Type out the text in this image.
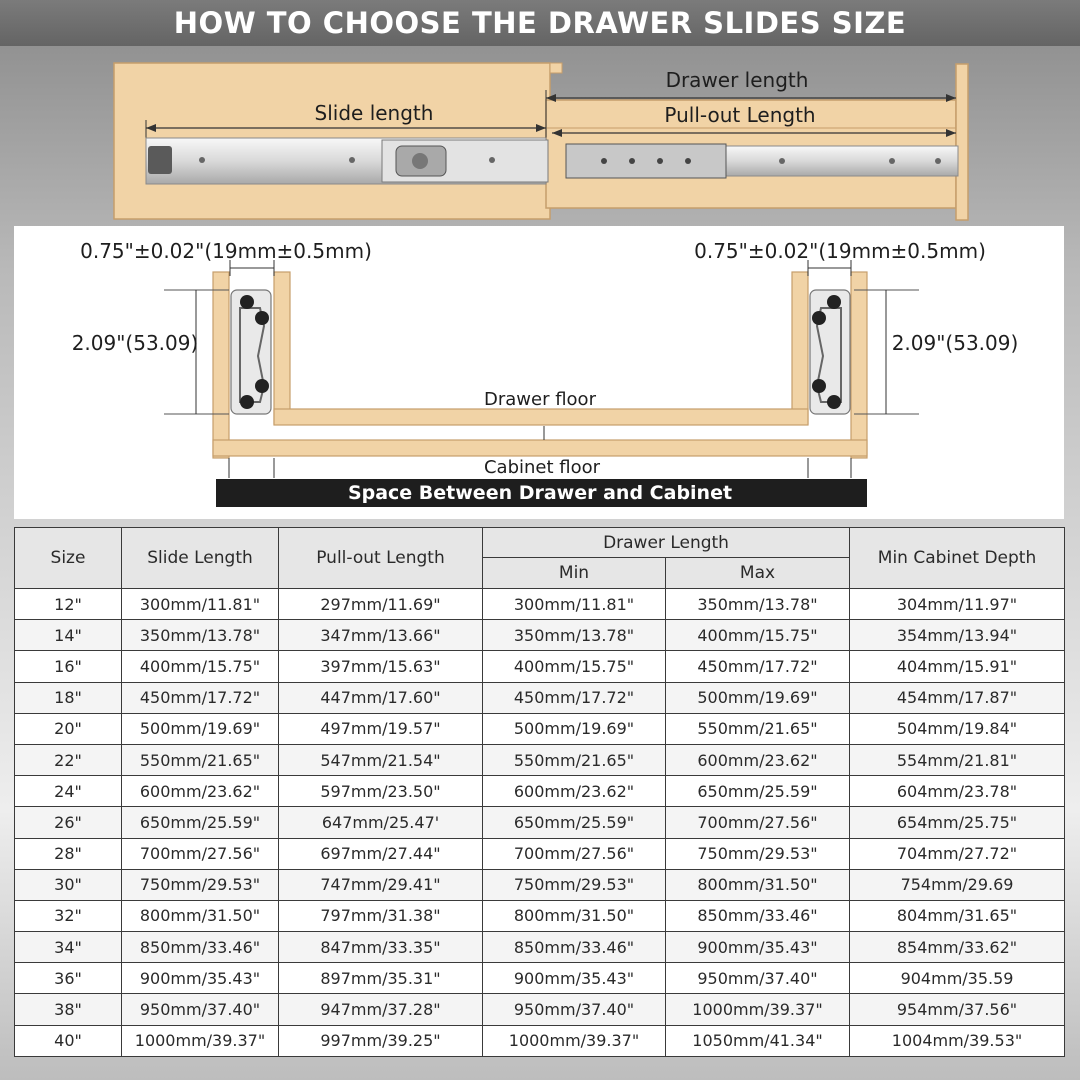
HOW TO CHOOSE THE DRAWER SLIDES SIZE
Drawer length
Slide length	Pull-out Length
0.75"±0.02"(19mm±0.5mm)	0.75"±0.02"(19mm±0.5mm)
2.09"(53.09)	2.09"(53.09)
Drawer floor
Cabinet floor
Space Between Drawer and Cabinet
Size	Slide Length	Pull-out Length	Drawer Length		Min Cabinet Depth
			Min	Max	
12"	300mm/11.81"	297mm/11.69"	300mm/11.81"	350mm/13.78"	304mm/11.97"
14"	350mm/13.78"	347mm/13.66"	350mm/13.78"	400mm/15.75"	354mm/13.94"
16"	400mm/15.75"	397mm/15.63"	400mm/15.75"	450mm/17.72"	404mm/15.91"
18"	450mm/17.72"	447mm/17.60"	450mm/17.72"	500mm/19.69"	454mm/17.87"
20"	500mm/19.69"	497mm/19.57"	500mm/19.69"	550mm/21.65"	504mm/19.84"
22"	550mm/21.65"	547mm/21.54"	550mm/21.65"	600mm/23.62"	554mm/21.81"
24"	600mm/23.62"	597mm/23.50"	600mm/23.62"	650mm/25.59"	604mm/23.78"
26"	650mm/25.59"	647mm/25.47'	650mm/25.59"	700mm/27.56"	654mm/25.75"
28"	700mm/27.56"	697mm/27.44"	700mm/27.56"	750mm/29.53"	704mm/27.72"
30"	750mm/29.53"	747mm/29.41"	750mm/29.53"	800mm/31.50"	754mm/29.69
32"	800mm/31.50"	797mm/31.38"	800mm/31.50"	850mm/33.46"	804mm/31.65"
34"	850mm/33.46"	847mm/33.35"	850mm/33.46"	900mm/35.43"	854mm/33.62"
36"	900mm/35.43"	897mm/35.31"	900mm/35.43"	950mm/37.40"	904mm/35.59
38"	950mm/37.40"	947mm/37.28"	950mm/37.40"	1000mm/39.37"	954mm/37.56"
40"	1000mm/39.37"	997mm/39.25"	1000mm/39.37"	1050mm/41.34"	1004mm/39.53"
